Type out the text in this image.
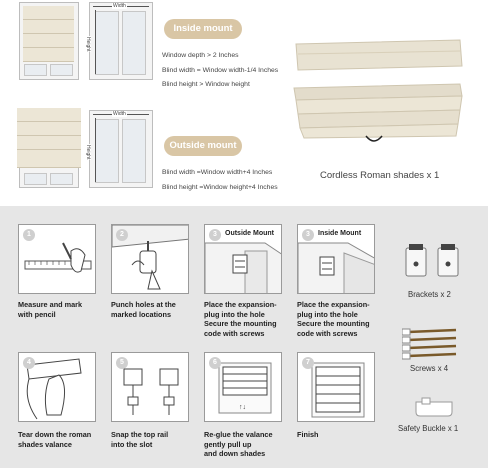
Width
Height
Inside mount
Window depth > 2 Inches
Blind width = Window width-1/4 Inches
Blind height > Window height
Width
Height	Outside mount
Blind width =Window width+4 Inches
Blind height =Window height+4 Inches
Cordless Roman shades x 1
1
Measure and mark
with pencil
2
Punch holes at the
marked locations
3	Outside Mount
Place the expansion-
plug into the hole
Secure the mounting
code with screws
3	Inside Mount
Place the expansion-
plug into the hole
Secure the mounting
code with screws
4
Tear down the roman
shades valance
5
Snap the top rail
into the slot
↑↓
6
Re-glue the valance
gently pull up
and down shades
7
Finish
Brackets x 2
Screws x 4
Safety Buckle x 1
